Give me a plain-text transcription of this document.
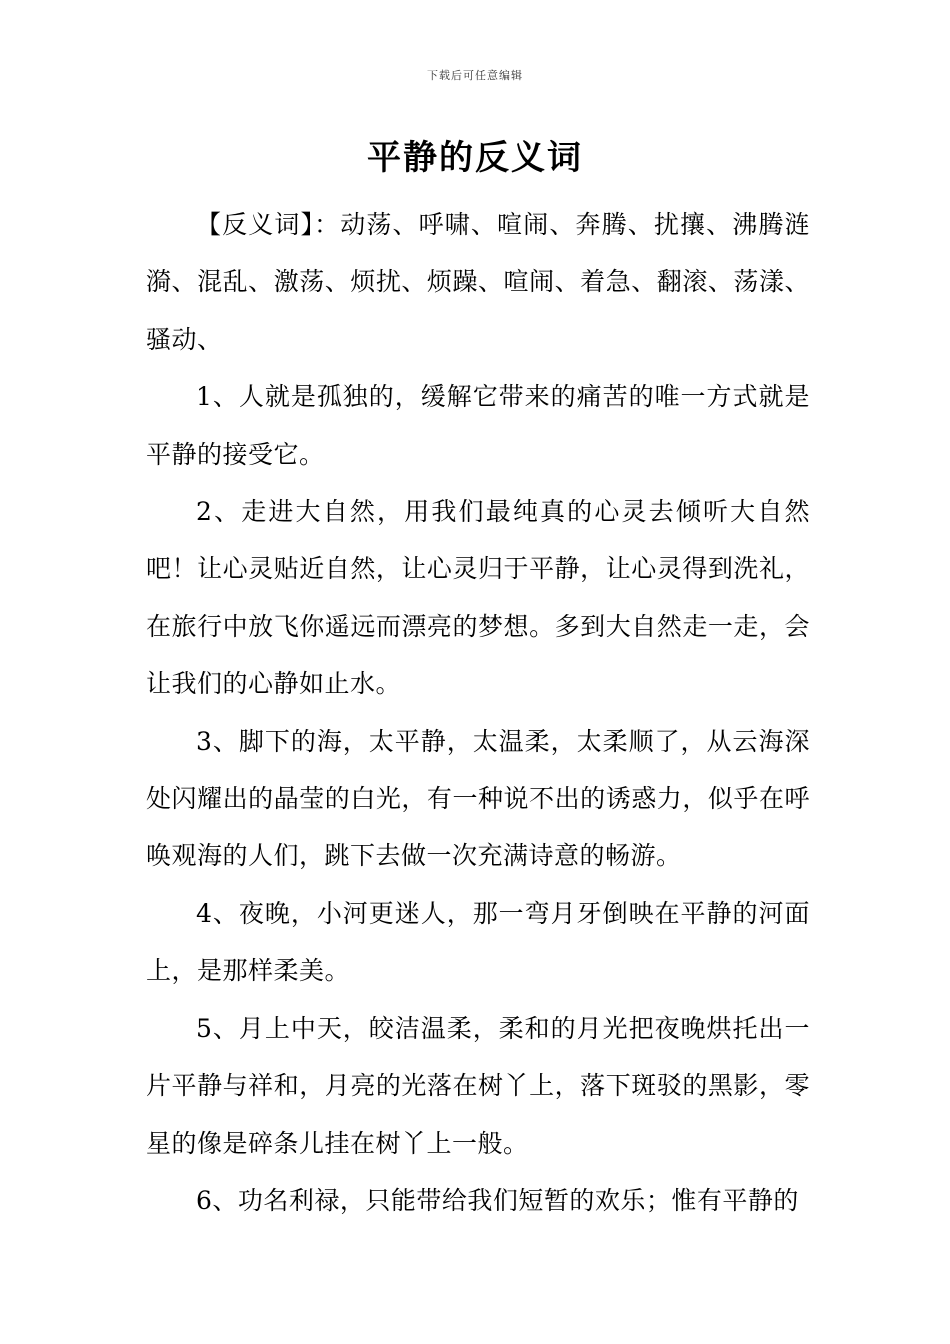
下载后可任意编辑
平静的反义词

【反义词】：动荡、呼啸、喧闹、奔腾、扰攘、沸腾涟漪、混乱、激荡、烦扰、烦躁、喧闹、着急、翻滚、荡漾、骚动、

1、人就是孤独的，缓解它带来的痛苦的唯一方式就是平静的接受它。

2、走进大自然，用我们最纯真的心灵去倾听大自然吧！让心灵贴近自然，让心灵归于平静，让心灵得到洗礼，在旅行中放飞你遥远而漂亮的梦想。多到大自然走一走，会让我们的心静如止水。

3、脚下的海，太平静，太温柔，太柔顺了，从云海深处闪耀出的晶莹的白光，有一种说不出的诱惑力，似乎在呼唤观海的人们，跳下去做一次充满诗意的畅游。

4、夜晚，小河更迷人，那一弯月牙倒映在平静的河面上，是那样柔美。

5、月上中天，皎洁温柔，柔和的月光把夜晚烘托出一片平静与祥和，月亮的光落在树丫上，落下斑驳的黑影，零星的像是碎条儿挂在树丫上一般。

6、功名利禄，只能带给我们短暂的欢乐；惟有平静的
